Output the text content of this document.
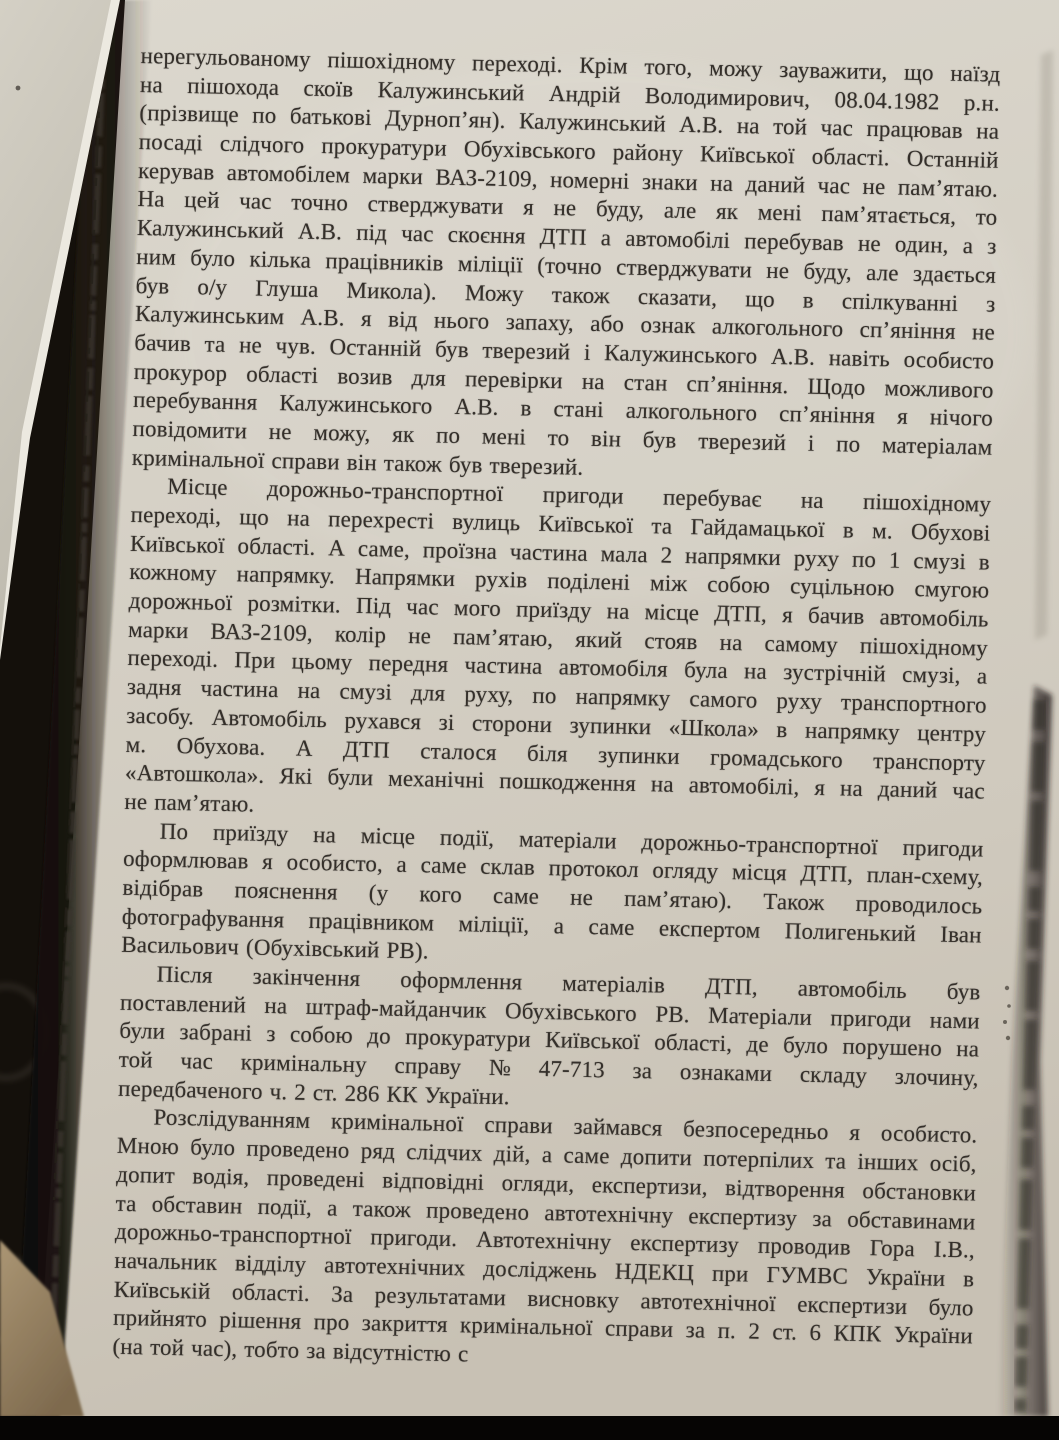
нерегульованому пішохідному переході. Крім того, можу зауважити, що наїзд
на пішохода скоїв Калужинський Андрій Володимирович, 08.04.1982 р.н.
(прізвище по батькові Дурноп’ян). Калужинський А.В. на той час працював на
посаді слідчого прокуратури Обухівського району Київської області. Останній
керував автомобілем марки ВАЗ-2109, номерні знаки на даний час не пам’ятаю.
На цей час точно стверджувати я не буду, але як мені пам’ятається, то
Калужинський А.В. під час скоєння ДТП а автомобілі перебував не один, а з
ним було кілька працівників міліції (точно стверджувати не буду, але здається
був о/у Глуша Микола). Можу також сказати, що в спілкуванні з
Калужинським А.В. я від нього запаху, або ознак алкогольного сп’яніння не
бачив та не чув. Останній був тверезий і Калужинського А.В. навіть особисто
прокурор області возив для перевірки на стан сп’яніння. Щодо можливого
перебування Калужинського А.В. в стані алкогольного сп’яніння я нічого
повідомити не можу, як по мені то він був тверезий і по матеріалам
кримінальної справи він також був тверезий.
Місце дорожньо-транспортної пригоди перебуває на пішохідному
переході, що на перехресті вулиць Київської та Гайдамацької в м. Обухові
Київської області. А саме, проїзна частина мала 2 напрямки руху по 1 смузі в
кожному напрямку. Напрямки рухів поділені між собою суцільною смугою
дорожньої розмітки. Під час мого приїзду на місце ДТП, я бачив автомобіль
марки ВАЗ-2109, колір не пам’ятаю, який стояв на самому пішохідному
переході. При цьому передня частина автомобіля була на зустрічній смузі, а
задня частина на смузі для руху, по напрямку самого руху транспортного
засобу. Автомобіль рухався зі сторони зупинки «Школа» в напрямку центру
м. Обухова. А ДТП сталося біля зупинки громадського транспорту
«Автошкола». Які були механічні пошкодження на автомобілі, я на даний час
не пам’ятаю.
По приїзду на місце події, матеріали дорожньо-транспортної пригоди
оформлював я особисто, а саме склав протокол огляду місця ДТП, план-схему,
відібрав пояснення (у кого саме не пам’ятаю). Також проводилось
фотографування працівником міліції, а саме експертом Полигенький Іван
Васильович (Обухівський РВ).
Після закінчення оформлення матеріалів ДТП, автомобіль був
поставлений на штраф-майданчик Обухівського РВ. Матеріали пригоди нами
були забрані з собою до прокуратури Київської області, де було порушено на
той час кримінальну справу № 47-713 за ознаками складу злочину,
передбаченого ч. 2 ст. 286 КК України.
Розслідуванням кримінальної справи займався безпосередньо я особисто.
Мною було проведено ряд слідчих дій, а саме допити потерпілих та інших осіб,
допит водія, проведені відповідні огляди, експертизи, відтворення обстановки
та обставин події, а також проведено автотехнічну експертизу за обставинами
дорожньо-транспортної пригоди. Автотехнічну експертизу проводив Гора І.В.,
начальник відділу автотехнічних досліджень НДЕКЦ при ГУМВС України в
Київській області. За результатами висновку автотехнічної експертизи було
прийнято рішення про закриття кримінальної справи за п. 2 ст. 6 КПК України
(на той час), тобто за відсутністю с
